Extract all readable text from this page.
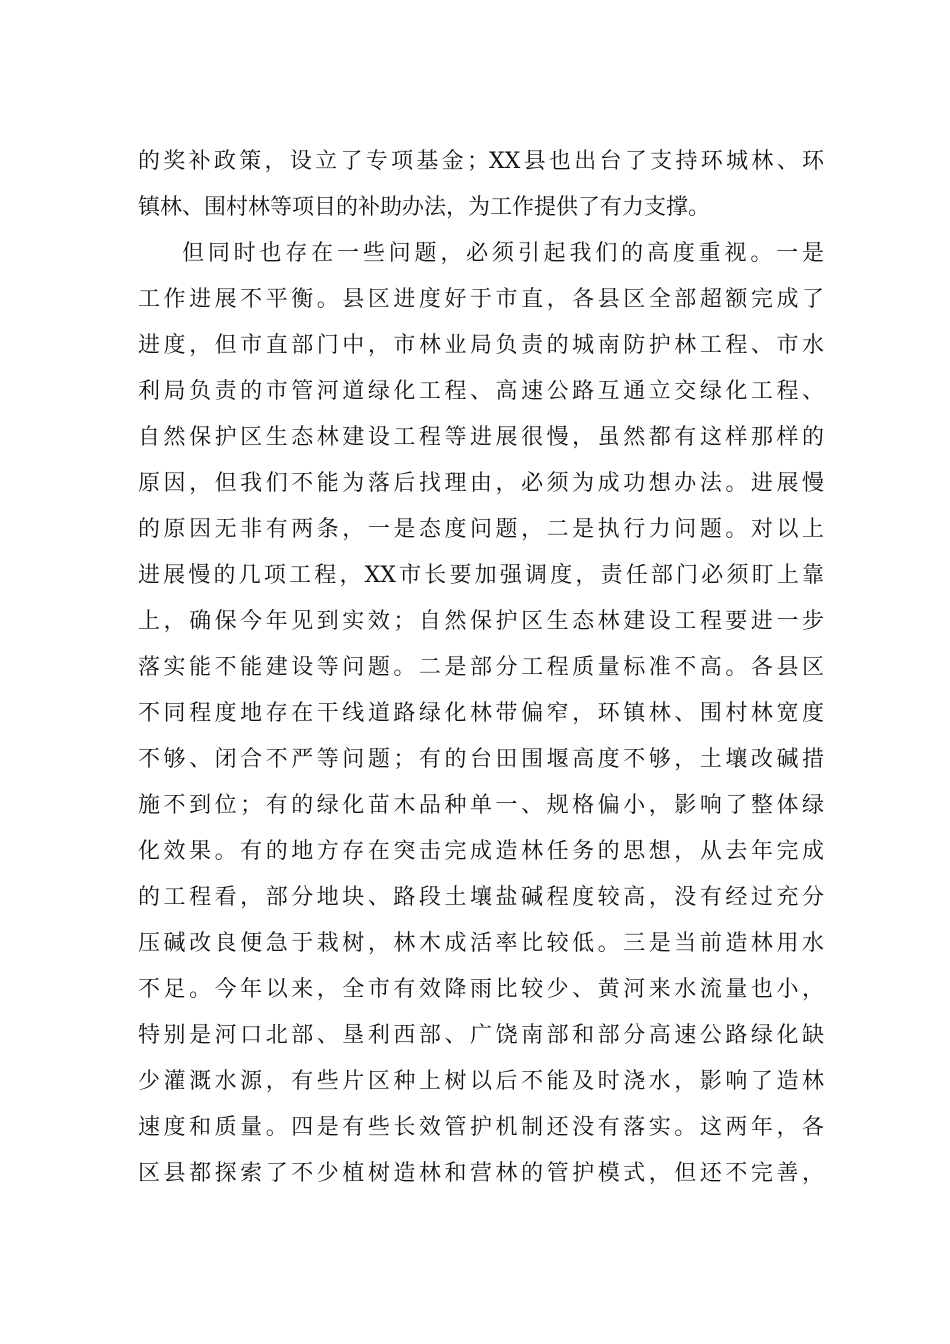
的奖补政策，设立了专项基金；XX县也出台了支持环城林、环
镇林、围村林等项目的补助办法，为工作提供了有力支撑。
但同时也存在一些问题，必须引起我们的高度重视。一是
工作进展不平衡。县区进度好于市直，各县区全部超额完成了
进度，但市直部门中，市林业局负责的城南防护林工程、市水
利局负责的市管河道绿化工程、高速公路互通立交绿化工程、
自然保护区生态林建设工程等进展很慢，虽然都有这样那样的
原因，但我们不能为落后找理由，必须为成功想办法。进展慢
的原因无非有两条，一是态度问题，二是执行力问题。对以上
进展慢的几项工程，XX市长要加强调度，责任部门必须盯上靠
上，确保今年见到实效；自然保护区生态林建设工程要进一步
落实能不能建设等问题。二是部分工程质量标准不高。各县区
不同程度地存在干线道路绿化林带偏窄，环镇林、围村林宽度
不够、闭合不严等问题；有的台田围堰高度不够，土壤改碱措
施不到位；有的绿化苗木品种单一、规格偏小，影响了整体绿
化效果。有的地方存在突击完成造林任务的思想，从去年完成
的工程看，部分地块、路段土壤盐碱程度较高，没有经过充分
压碱改良便急于栽树，林木成活率比较低。三是当前造林用水
不足。今年以来，全市有效降雨比较少、黄河来水流量也小，
特别是河口北部、垦利西部、广饶南部和部分高速公路绿化缺
少灌溉水源，有些片区种上树以后不能及时浇水，影响了造林
速度和质量。四是有些长效管护机制还没有落实。这两年，各
区县都探索了不少植树造林和营林的管护模式，但还不完善，
